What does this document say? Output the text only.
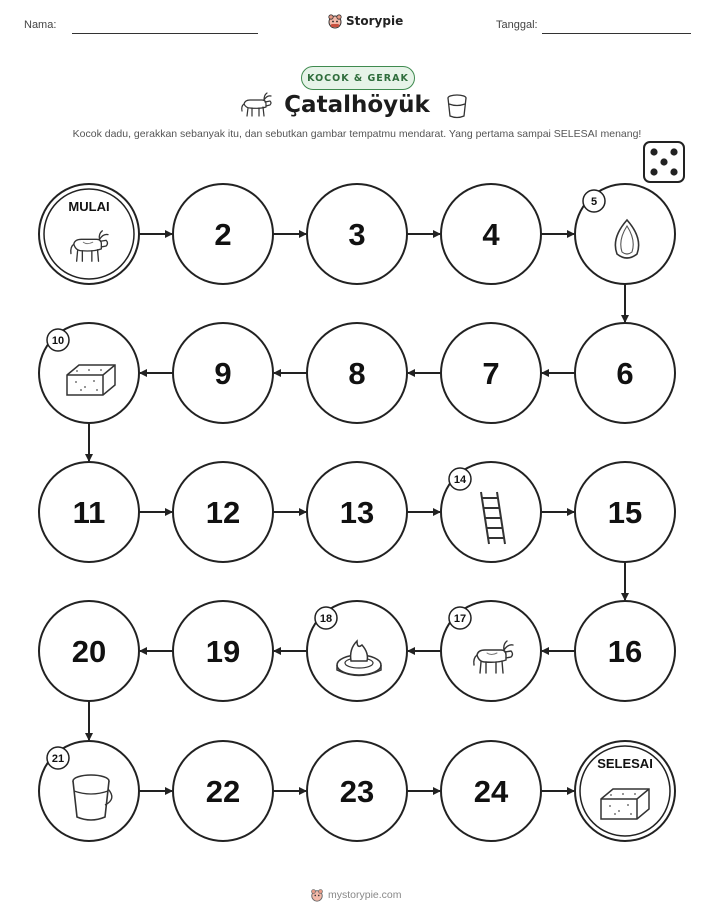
Nama:	Storypie	Tanggal:
KOCOK & GERAK
Çatalhöyük
Kocok dadu, gerakkan sebanyak itu, dan sebutkan gambar tempatmu mendarat. Yang pertama sampai SELESAI menang!
MULAI
2	3	4
5
6
7
8
9
10
11	12	13
14
15
16
17
18
19
20
21
22	23	24
SELESAI
mystorypie.com
